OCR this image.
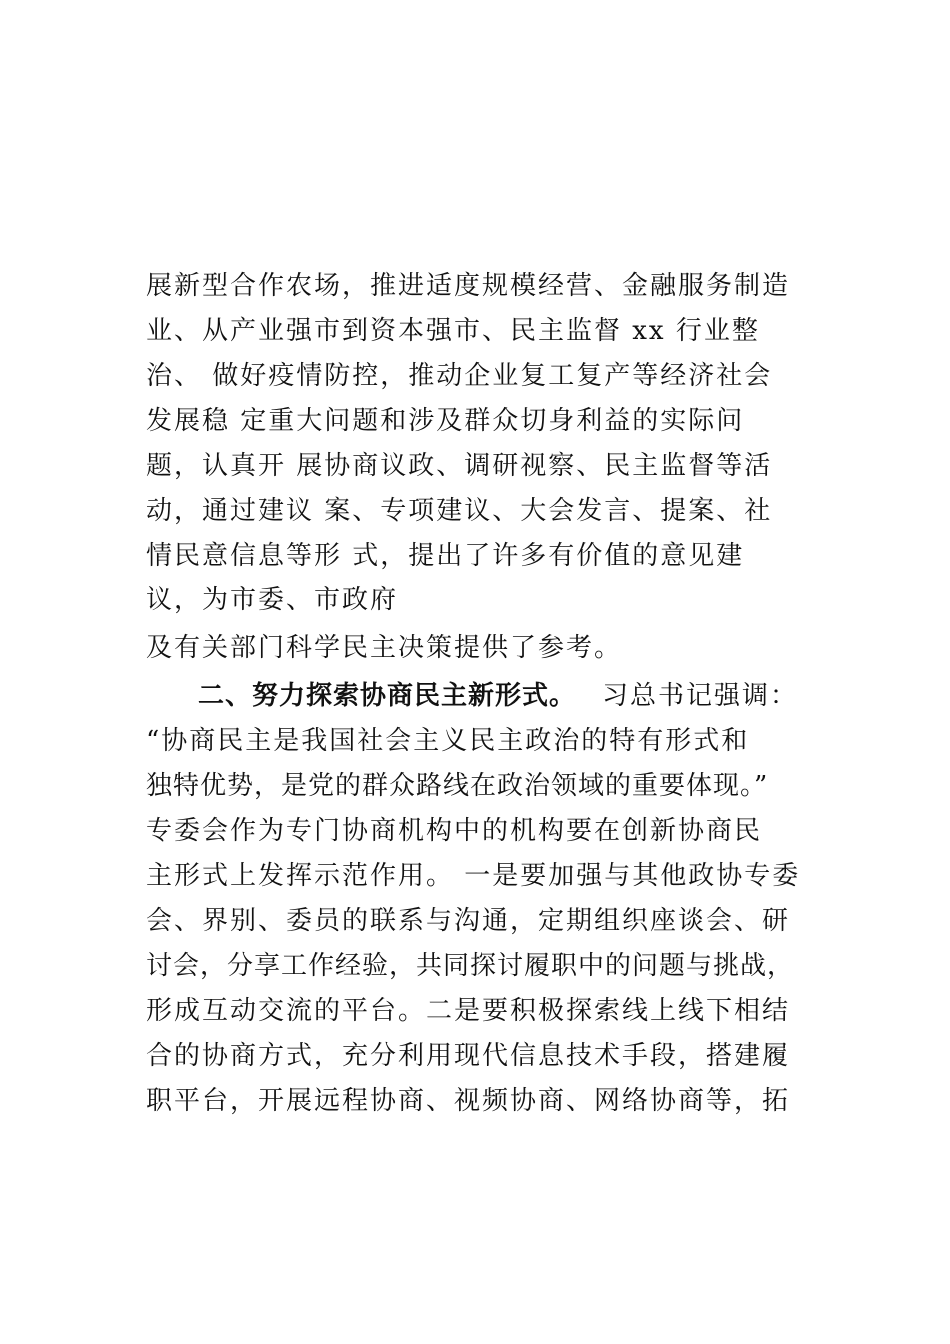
展新型合作农场，推进适度规模经营、金融服务制造
业、从产业强市到资本强市、民主监督 xx 行业整
治、 做好疫情防控，推动企业复工复产等经济社会
发展稳 定重大问题和涉及群众切身利益的实际问
题，认真开 展协商议政、调研视察、民主监督等活
动，通过建议 案、专项建议、大会发言、提案、社
情民意信息等形 式，提出了许多有价值的意见建
议，为市委、市政府
及有关部门科学民主决策提供了参考。
二、努力探索协商民主新形式。 习总书记强调：
“协商民主是我国社会主义民主政治的特有形式和
独特优势，是党的群众路线在政治领域的重要体现。”
专委会作为专门协商机构中的机构要在创新协商民
主形式上发挥示范作用。 一是要加强与其他政协专委
会、界别、委员的联系与沟通，定期组织座谈会、研
讨会，分享工作经验，共同探讨履职中的问题与挑战，
形成互动交流的平台。二是要积极探索线上线下相结
合的协商方式，充分利用现代信息技术手段，搭建履
职平台，开展远程协商、视频协商、网络协商等，拓
